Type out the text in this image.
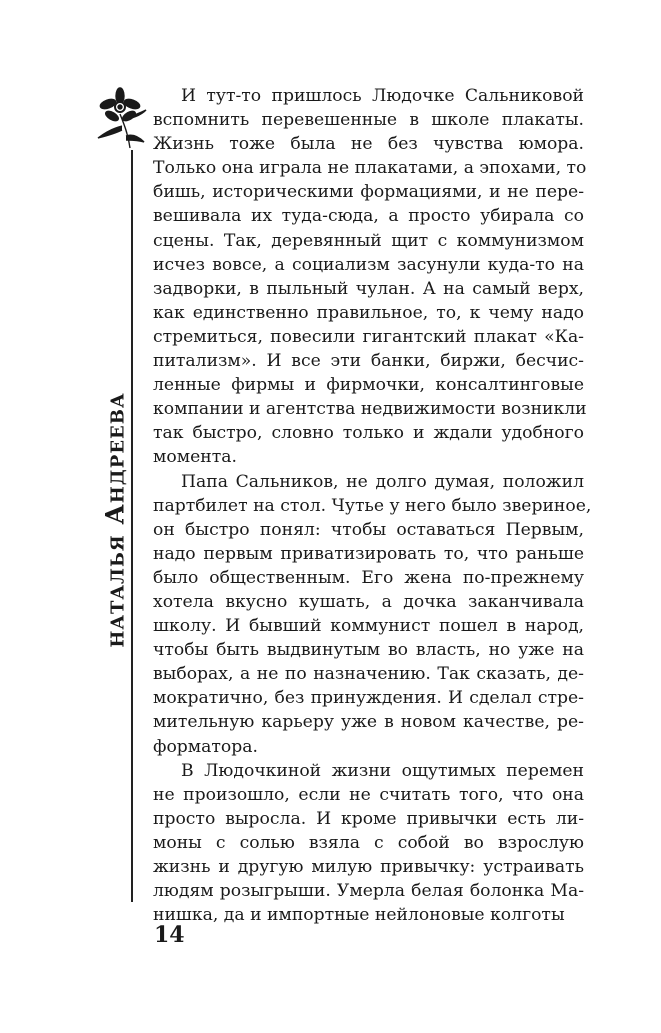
наталья Андреева
И тут-то пришлось Людочке Сальниковой
вспомнить перевешенные в школе плакаты.
Жизнь тоже была не без чувства юмора.
Только она играла не плакатами, а эпохами, то
бишь, историческими формациями, и не пере-
вешивала их туда-сюда, а просто убирала со
сцены. Так, деревянный щит с коммунизмом
исчез вовсе, а социализм засунули куда-то на
задворки, в пыльный чулан. А на самый верх,
как единственно правильное, то, к чему надо
стремиться, повесили гигантский плакат «Ка-
питализм». И все эти банки, биржи, бесчис-
ленные фирмы и фирмочки, консалтинговые
компании и агентства недвижимости возникли
так быстро, словно только и ждали удобного
момента.
Папа Сальников, не долго думая, положил
партбилет на стол. Чутье у него было звериное,
он быстро понял: чтобы оставаться Первым,
надо первым приватизировать то, что раньше
было общественным. Его жена по-прежнему
хотела вкусно кушать, а дочка заканчивала
школу. И бывший коммунист пошел в народ,
чтобы быть выдвинутым во власть, но уже на
выборах, а не по назначению. Так сказать, де-
мократично, без принуждения. И сделал стре-
мительную карьеру уже в новом качестве, ре-
форматора.
В Людочкиной жизни ощутимых перемен
не произошло, если не считать того, что она
просто выросла. И кроме привычки есть ли-
моны с солью взяла с собой во взрослую
жизнь и другую милую привычку: устраивать
людям розыгрыши. Умерла белая болонка Ма-
нишка, да и импортные нейлоновые колготы
14
